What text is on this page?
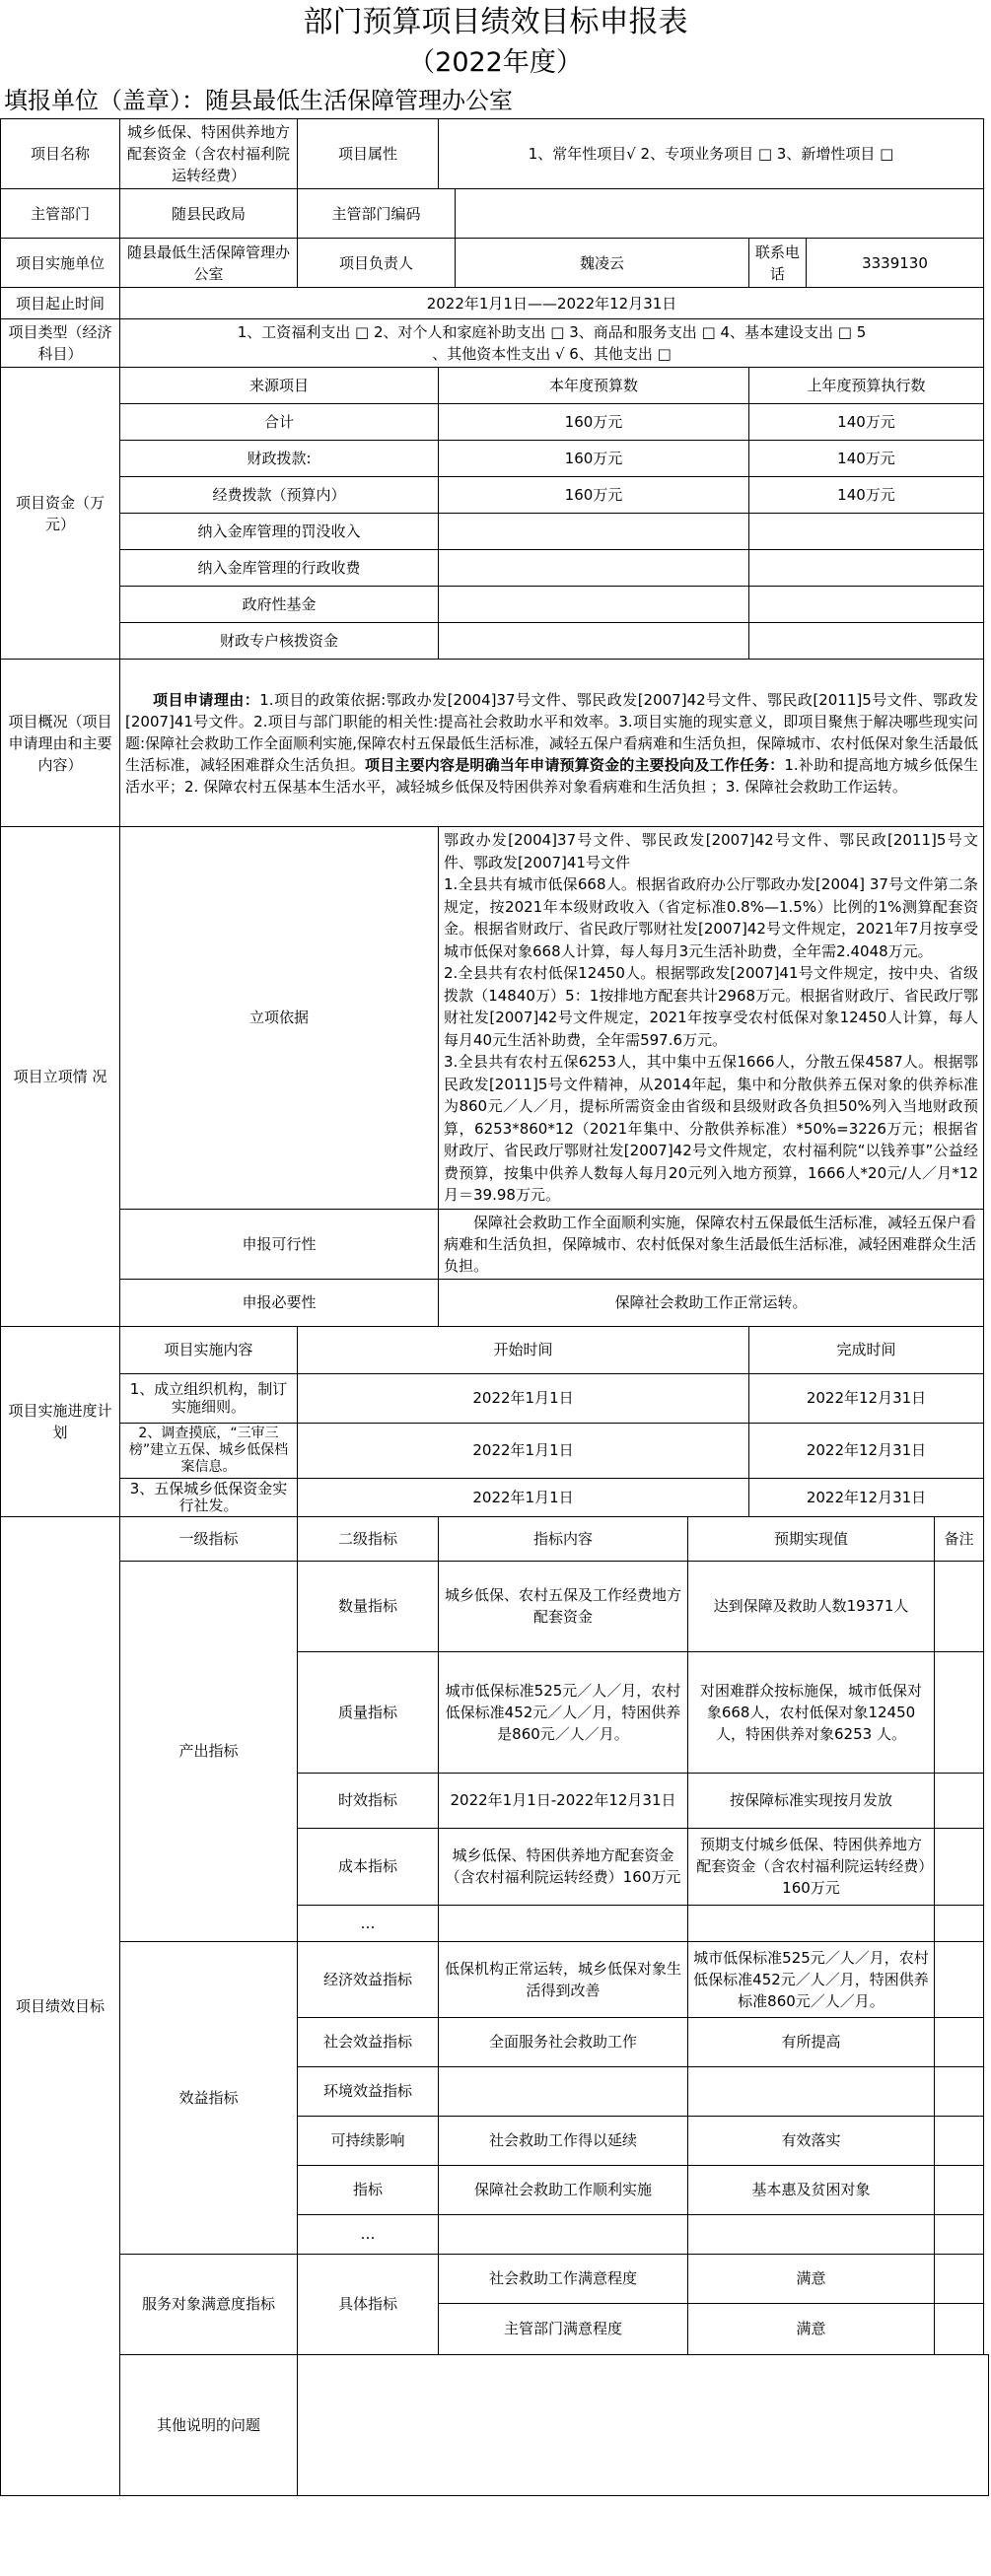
部门预算项目绩效目标申报表
（2022年度）
填报单位（盖章）：随县最低生活保障管理办公室
项目名称	城乡低保、特困供养地方配套资金（含农村福利院运转经费）	项目属性	1、常年性项目√ 2、专项业务项目 □ 3、新增性项目 □					
主管部门	随县民政局	主管部门编码						
项目实施单位	随县最低生活保障管理办公室	项目负责人		魏凌云		联系电话	3339130	
项目起止时间	2022年1月1日——2022年12月31日							
项目类型（经济科目）	1、工资福利支出 □ 2、对个人和家庭补助支出 □ 3、商品和服务支出 □ 4、基本建设支出 □ 5
、其他资本性支出 √ 6、其他支出 □							

项目资金（万元）	来源项目		本年度预算数			上年度预算执行数		
	合计		160万元			140万元		
	财政拨款:		160万元			140万元		
	经费拨款（预算内）		160万元			140万元		
	纳入金库管理的罚没收入							
	纳入金库管理的行政收费							
	政府性基金							
	财政专户核拨资金							
项目概况（项目申请理由和主要内容）	项目申请理由：1.项目的政策依据:鄂政办发[2004]37号文件、鄂民政发[2007]42号文件、鄂民政[2011]5号文件、鄂政发[2007]41号文件。2.项目与部门职能的相关性:提高社会救助水平和效率。3.项目实施的现实意义，即项目聚焦于解决哪些现实问题:保障社会救助工作全面顺利实施,保障农村五保最低生活标准，减轻五保户看病难和生活负担，保障城市、农村低保对象生活最低生活标准，减轻困难群众生活负担。项目主要内容是明确当年申请预算资金的主要投向及工作任务：1.补助和提高地方城乡低保生活水平；2. 保障农村五保基本生活水平，减轻城乡低保及特困供养对象看病难和生活负担 ；3. 保障社会救助工作运转。							
项目立项情 况	立项依据		鄂政办发[2004]37号文件、鄂民政发[2007]42号文件、鄂民政[2011]5号文件、鄂政发[2007]41号文件
1.全县共有城市低保668人。根据省政府办公厅鄂政办发[2004] 37号文件第二条规定，按2021年本级财政收入（省定标准0.8%—1.5%）比例的1%测算配套资金。根据省财政厅、省民政厅鄂财社发[2007]42号文件规定，2021年7月按享受城市低保对象668人计算，每人每月3元生活补助费，全年需2.4048万元。
2.全县共有农村低保12450人。根据鄂政发[2007]41号文件规定，按中央、省级拨款（14840万）5：1按排地方配套共计2968万元。根据省财政厅、省民政厅鄂财社发[2007]42号文件规定，2021年按享受农村低保对象12450人计算，每人每月40元生活补助费，全年需597.6万元。
3.全县共有农村五保6253人，其中集中五保1666人，分散五保4587人。根据鄂民政发[2011]5号文件精神，从2014年起，集中和分散供养五保对象的供养标准为860元／人／月，提标所需资金由省级和县级财政各负担50%列入当地财政预算，6253*860*12（2021年集中、分散供养标准）*50%=3226万元；根据省财政厅、省民政厅鄂财社发[2007]42号文件规定，农村福利院“以钱养事”公益经费预算，按集中供养人数每人每月20元列入地方预算，1666人*20元/人／月*12月＝39.98万元。					

	申报可行性		保障社会救助工作全面顺利实施，保障农村五保最低生活标准，减轻五保户看病难和生活负担，保障城市、农村低保对象生活最低生活标准，减轻困难群众生活负担。					
	申报必要性		保障社会救助工作正常运转。					
项目实施进度计划	项目实施内容	开始时间				完成时间		
	1、成立组织机构，制订实施细则。	2022年1月1日				2022年12月31日		
	2、调查摸底，“三审三榜”建立五保、城乡低保档案信息。	2022年1月1日				2022年12月31日		
	3、五保城乡低保资金实行社发。	2022年1月1日				2022年12月31日		
项目绩效目标	一级指标	二级指标	指标内容		预期实现值			备注
	产出指标	数量指标	城乡低保、农村五保及工作经费地方配套资金		达到保障及救助人数19371人			
		质量指标	城市低保标准525元／人／月，农村低保标准452元／人／月，特困供养是860元／人／月。		对困难群众按标施保，城市低保对象668人，农村低保对象12450人，特困供养对象6253 人。			
		时效指标	2022年1月1日-2022年12月31日		按保障标准实现按月发放			
		成本指标	城乡低保、特困供养地方配套资金（含农村福利院运转经费）160万元		预期支付城乡低保、特困供养地方配套资金（含农村福利院运转经费）160万元			
		…						
	效益指标	经济效益指标	低保机构正常运转，城乡低保对象生活得到改善		城市低保标准525元／人／月，农村低保标准452元／人／月，特困供养标准860元／人／月。			
		社会效益指标	全面服务社会救助工作		有所提高			
		环境效益指标						
		可持续影响	社会救助工作得以延续		有效落实			
		指标	保障社会救助工作顺利实施		基本惠及贫困对象			
		…						
	服务对象满意度指标	具体指标	社会救助工作满意程度		满意			
			主管部门满意程度		满意			
	其他说明的问题							
